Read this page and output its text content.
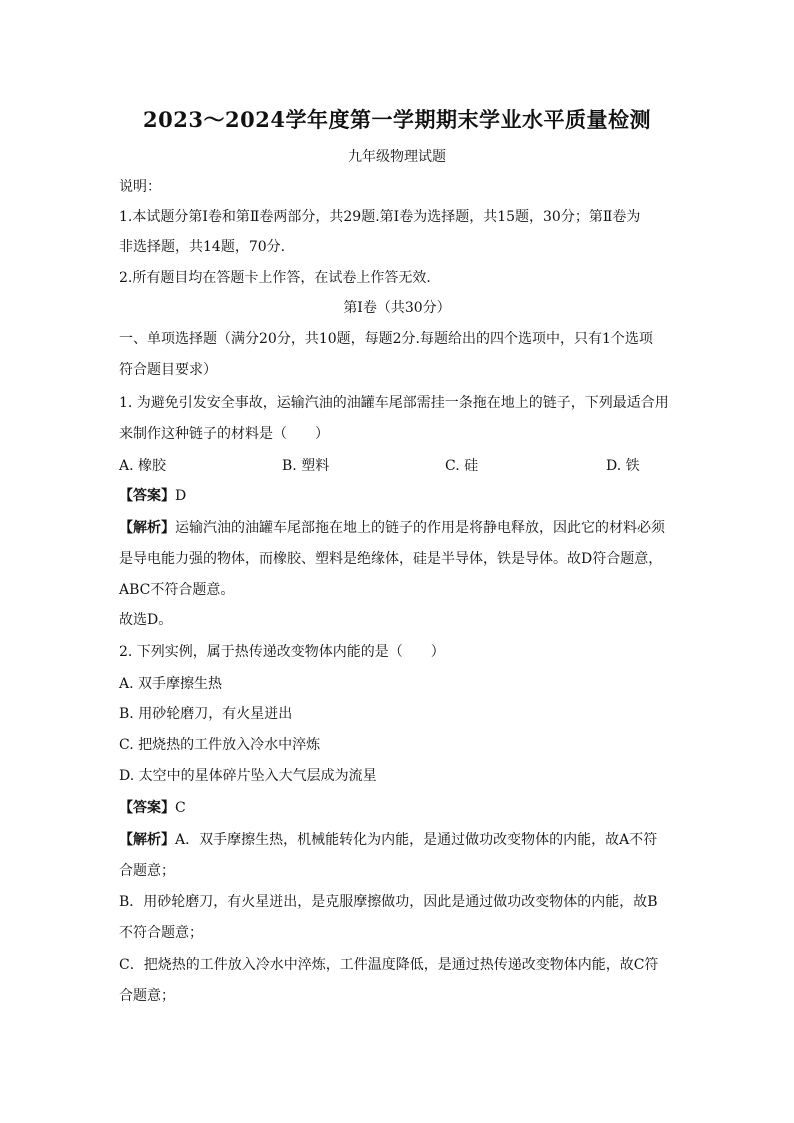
2023～2024学年度第一学期期末学业水平质量检测
九年级物理试题
说明：
1.本试题分第Ⅰ卷和第Ⅱ卷两部分，共29题.第Ⅰ卷为选择题，共15题，30分；第Ⅱ卷为
非选择题，共14题，70分.
2.所有题目均在答题卡上作答，在试卷上作答无效.
第Ⅰ卷（共30分）
一、单项选择题（满分20分，共10题，每题2分.每题给出的四个选项中，只有1个选项
符合题目要求）
1. 为避免引发安全事故，运输汽油的油罐车尾部需挂一条拖在地上的链子，下列最适合用
来制作这种链子的材料是（　　）
A. 橡胶	B. 塑料	C. 硅	D. 铁
【答案】D
【解析】运输汽油的油罐车尾部拖在地上的链子的作用是将静电释放，因此它的材料必须
是导电能力强的物体，而橡胶、塑料是绝缘体，硅是半导体，铁是导体。故D符合题意，
ABC不符合题意。
故选D。
2. 下列实例，属于热传递改变物体内能的是（　　）
A. 双手摩擦生热
B. 用砂轮磨刀，有火星迸出
C. 把烧热的工件放入冷水中淬炼
D. 太空中的星体碎片坠入大气层成为流星
【答案】C
【解析】A．双手摩擦生热，机械能转化为内能，是通过做功改变物体的内能，故A不符
合题意；
B．用砂轮磨刀，有火星迸出，是克服摩擦做功，因此是通过做功改变物体的内能，故B
不符合题意；
C．把烧热的工件放入冷水中淬炼，工件温度降低，是通过热传递改变物体内能，故C符
合题意；
